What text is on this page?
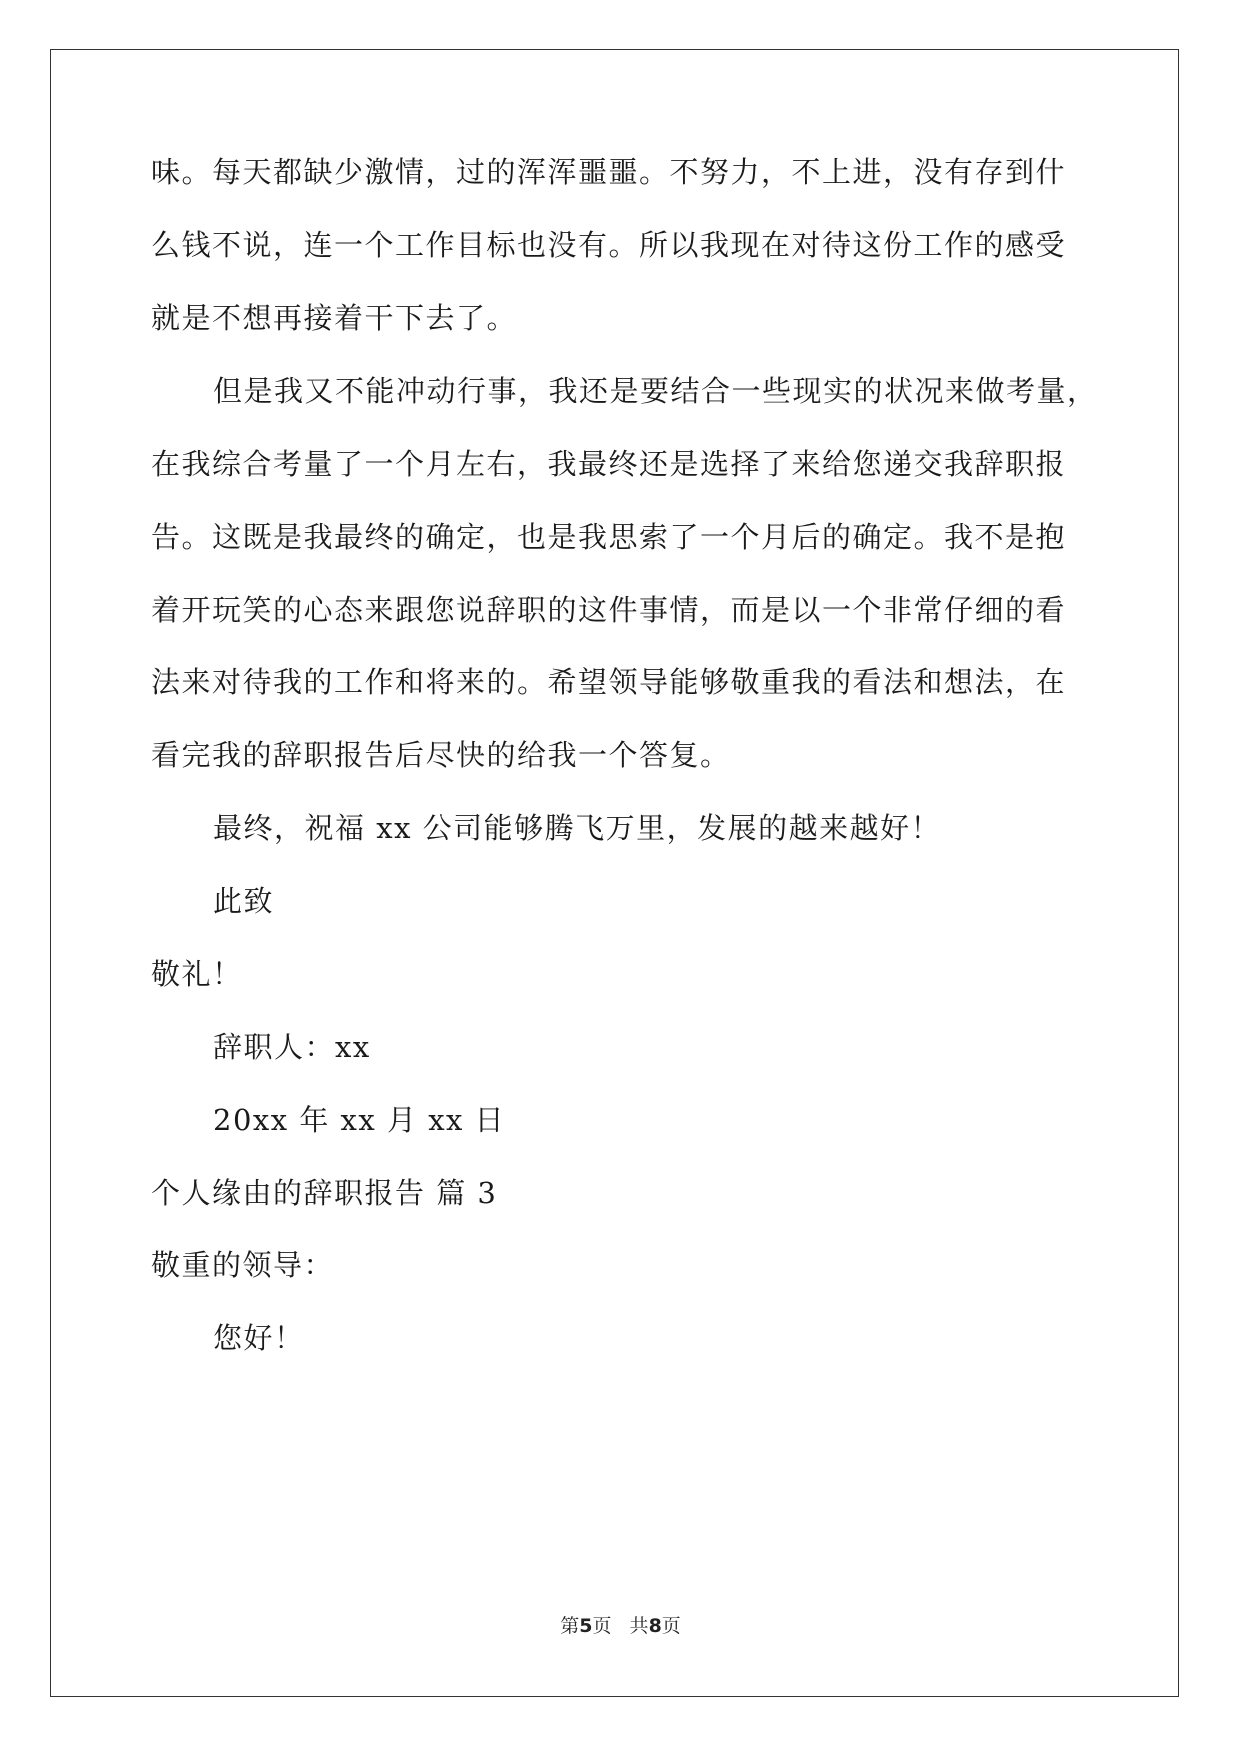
味。每天都缺少激情，过的浑浑噩噩。不努力，不上进，没有存到什
么钱不说，连一个工作目标也没有。所以我现在对待这份工作的感受
就是不想再接着干下去了。
但是我又不能冲动行事，我还是要结合一些现实的状况来做考量，
在我综合考量了一个月左右，我最终还是选择了来给您递交我辞职报
告。这既是我最终的确定，也是我思索了一个月后的确定。我不是抱
着开玩笑的心态来跟您说辞职的这件事情，而是以一个非常仔细的看
法来对待我的工作和将来的。希望领导能够敬重我的看法和想法，在
看完我的辞职报告后尽快的给我一个答复。
最终，祝福 xx 公司能够腾飞万里，发展的越来越好！
此致
敬礼！
辞职人：xx
20xx 年 xx 月 xx 日
个人缘由的辞职报告 篇 3
敬重的领导：
您好！
第5页   共8页
